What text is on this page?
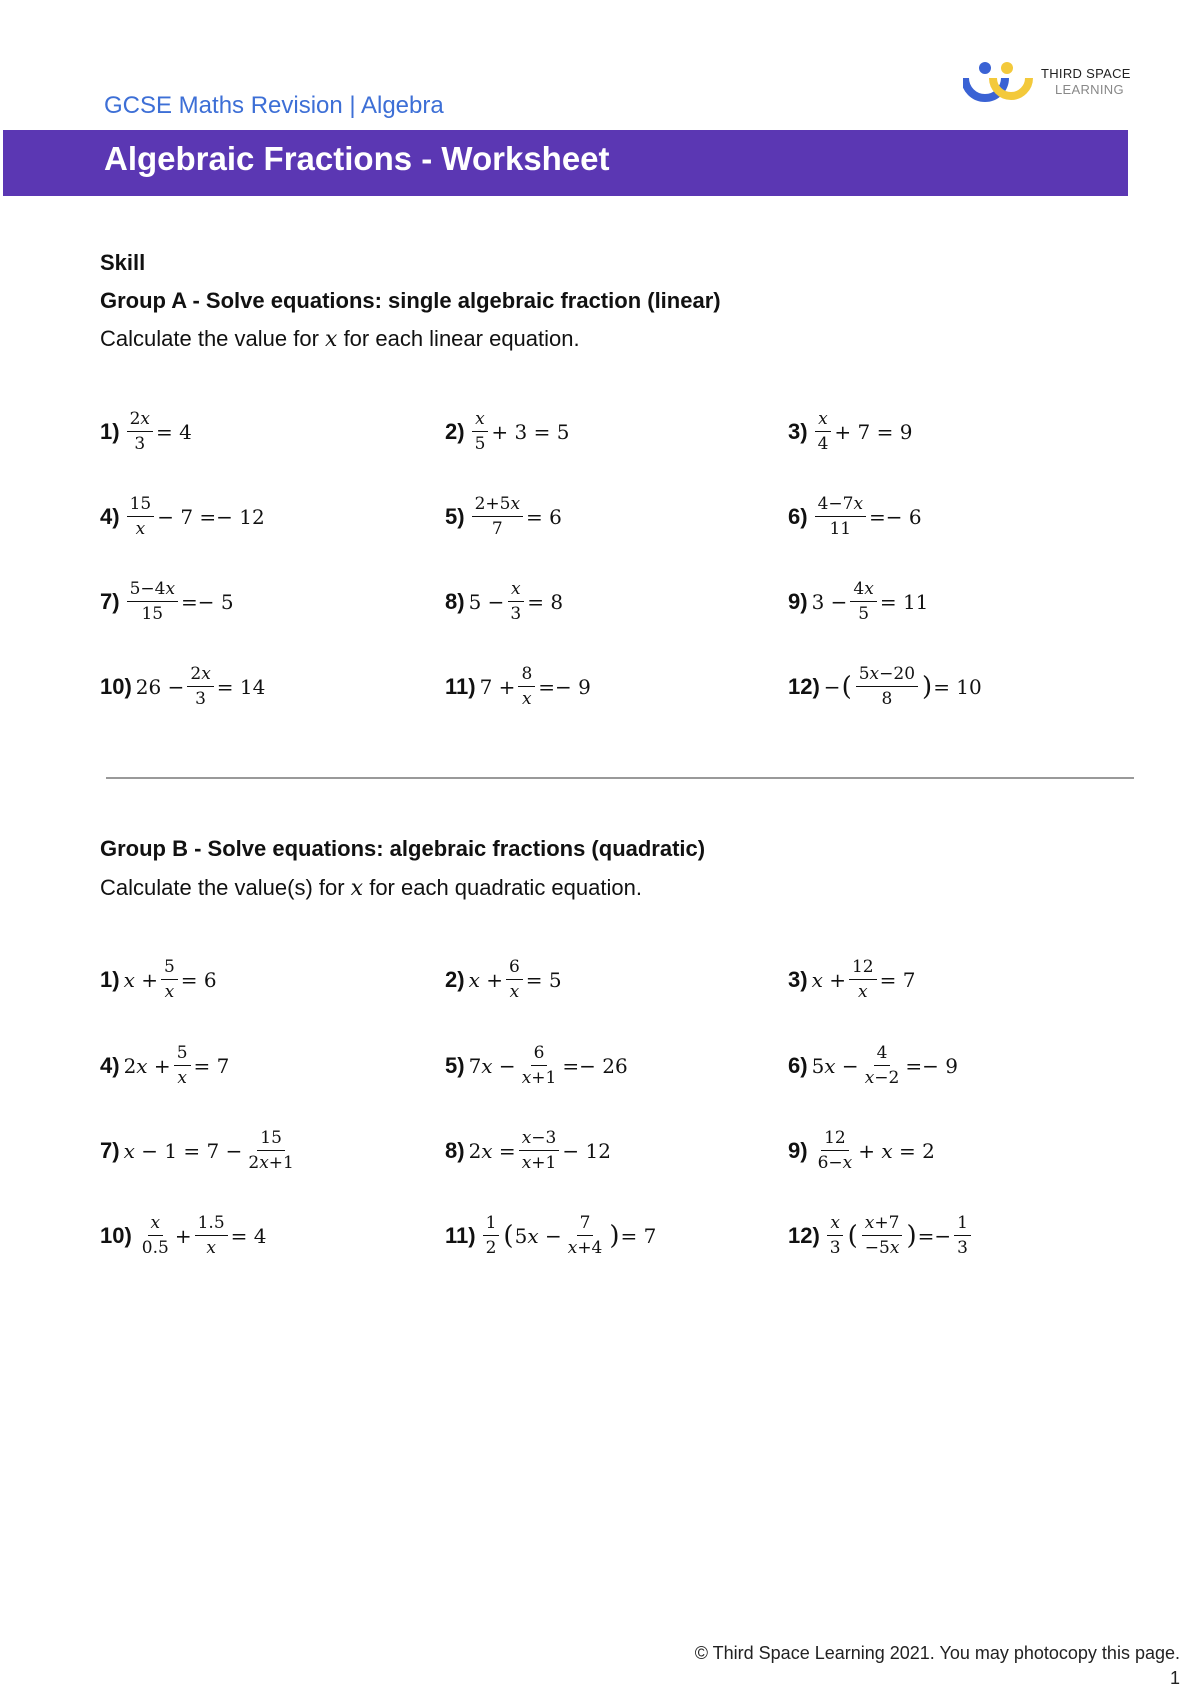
GCSE Maths Revision | Algebra
THIRD SPACE
LEARNING
Algebraic Fractions - Worksheet
Skill
Group A - Solve equations: single algebraic fraction (linear)
Calculate the value for x for each linear equation.
$1) \frac{2x}{3} = 4$	$2) \frac{x}{5} + 3 = 5$	$3) \frac{x}{4} + 7 = 9$
$4) \frac{15}{x} - 7 =- 12$	$5) \frac{2+5x}{7} = 6$	$6) \frac{4-7x}{11} =- 6$
$7) \frac{5-4x}{15} =- 5$	8) $5 - \frac{x}{3} = 8$	9) $3 - \frac{4x}{5} = 11$
10) $26 - \frac{2x}{3} = 14$	11) $7 + \frac{8}{x} =- 9$	12) − ( $\frac{5x-20}{8}$ ) = 10
Group B - Solve equations: algebraic fractions (quadratic)
Calculate the value(s) for x for each quadratic equation.
1) $x + \frac{5}{x} = 6$	2) $x + \frac{6}{x} = 5$	3) $x + \frac{12}{x} = 7$
4) $2x + \frac{5}{x} = 7$	5) $7x - \frac{6}{x+1} =- 26$	6) $5x - \frac{4}{x-2} =- 9$
7) $x - 1 = 7 - \frac{15}{2x+1}$	8) $2x = \frac{x-3}{x+1} - 12$	$9) \frac{12}{6-x} + x = 2$
$10) \frac{x}{0.5} + \frac{1.5}{x} = 4$	$11) \frac{1}{2}$ ( $5x - \frac{7}{x+4}$ ) = 7	$12) \frac{x}{3}$ ( $\frac{x+7}{-5x}$ ) =− $\frac{1}{3}$
© Third Space Learning 2021. You may photocopy this page.
1
